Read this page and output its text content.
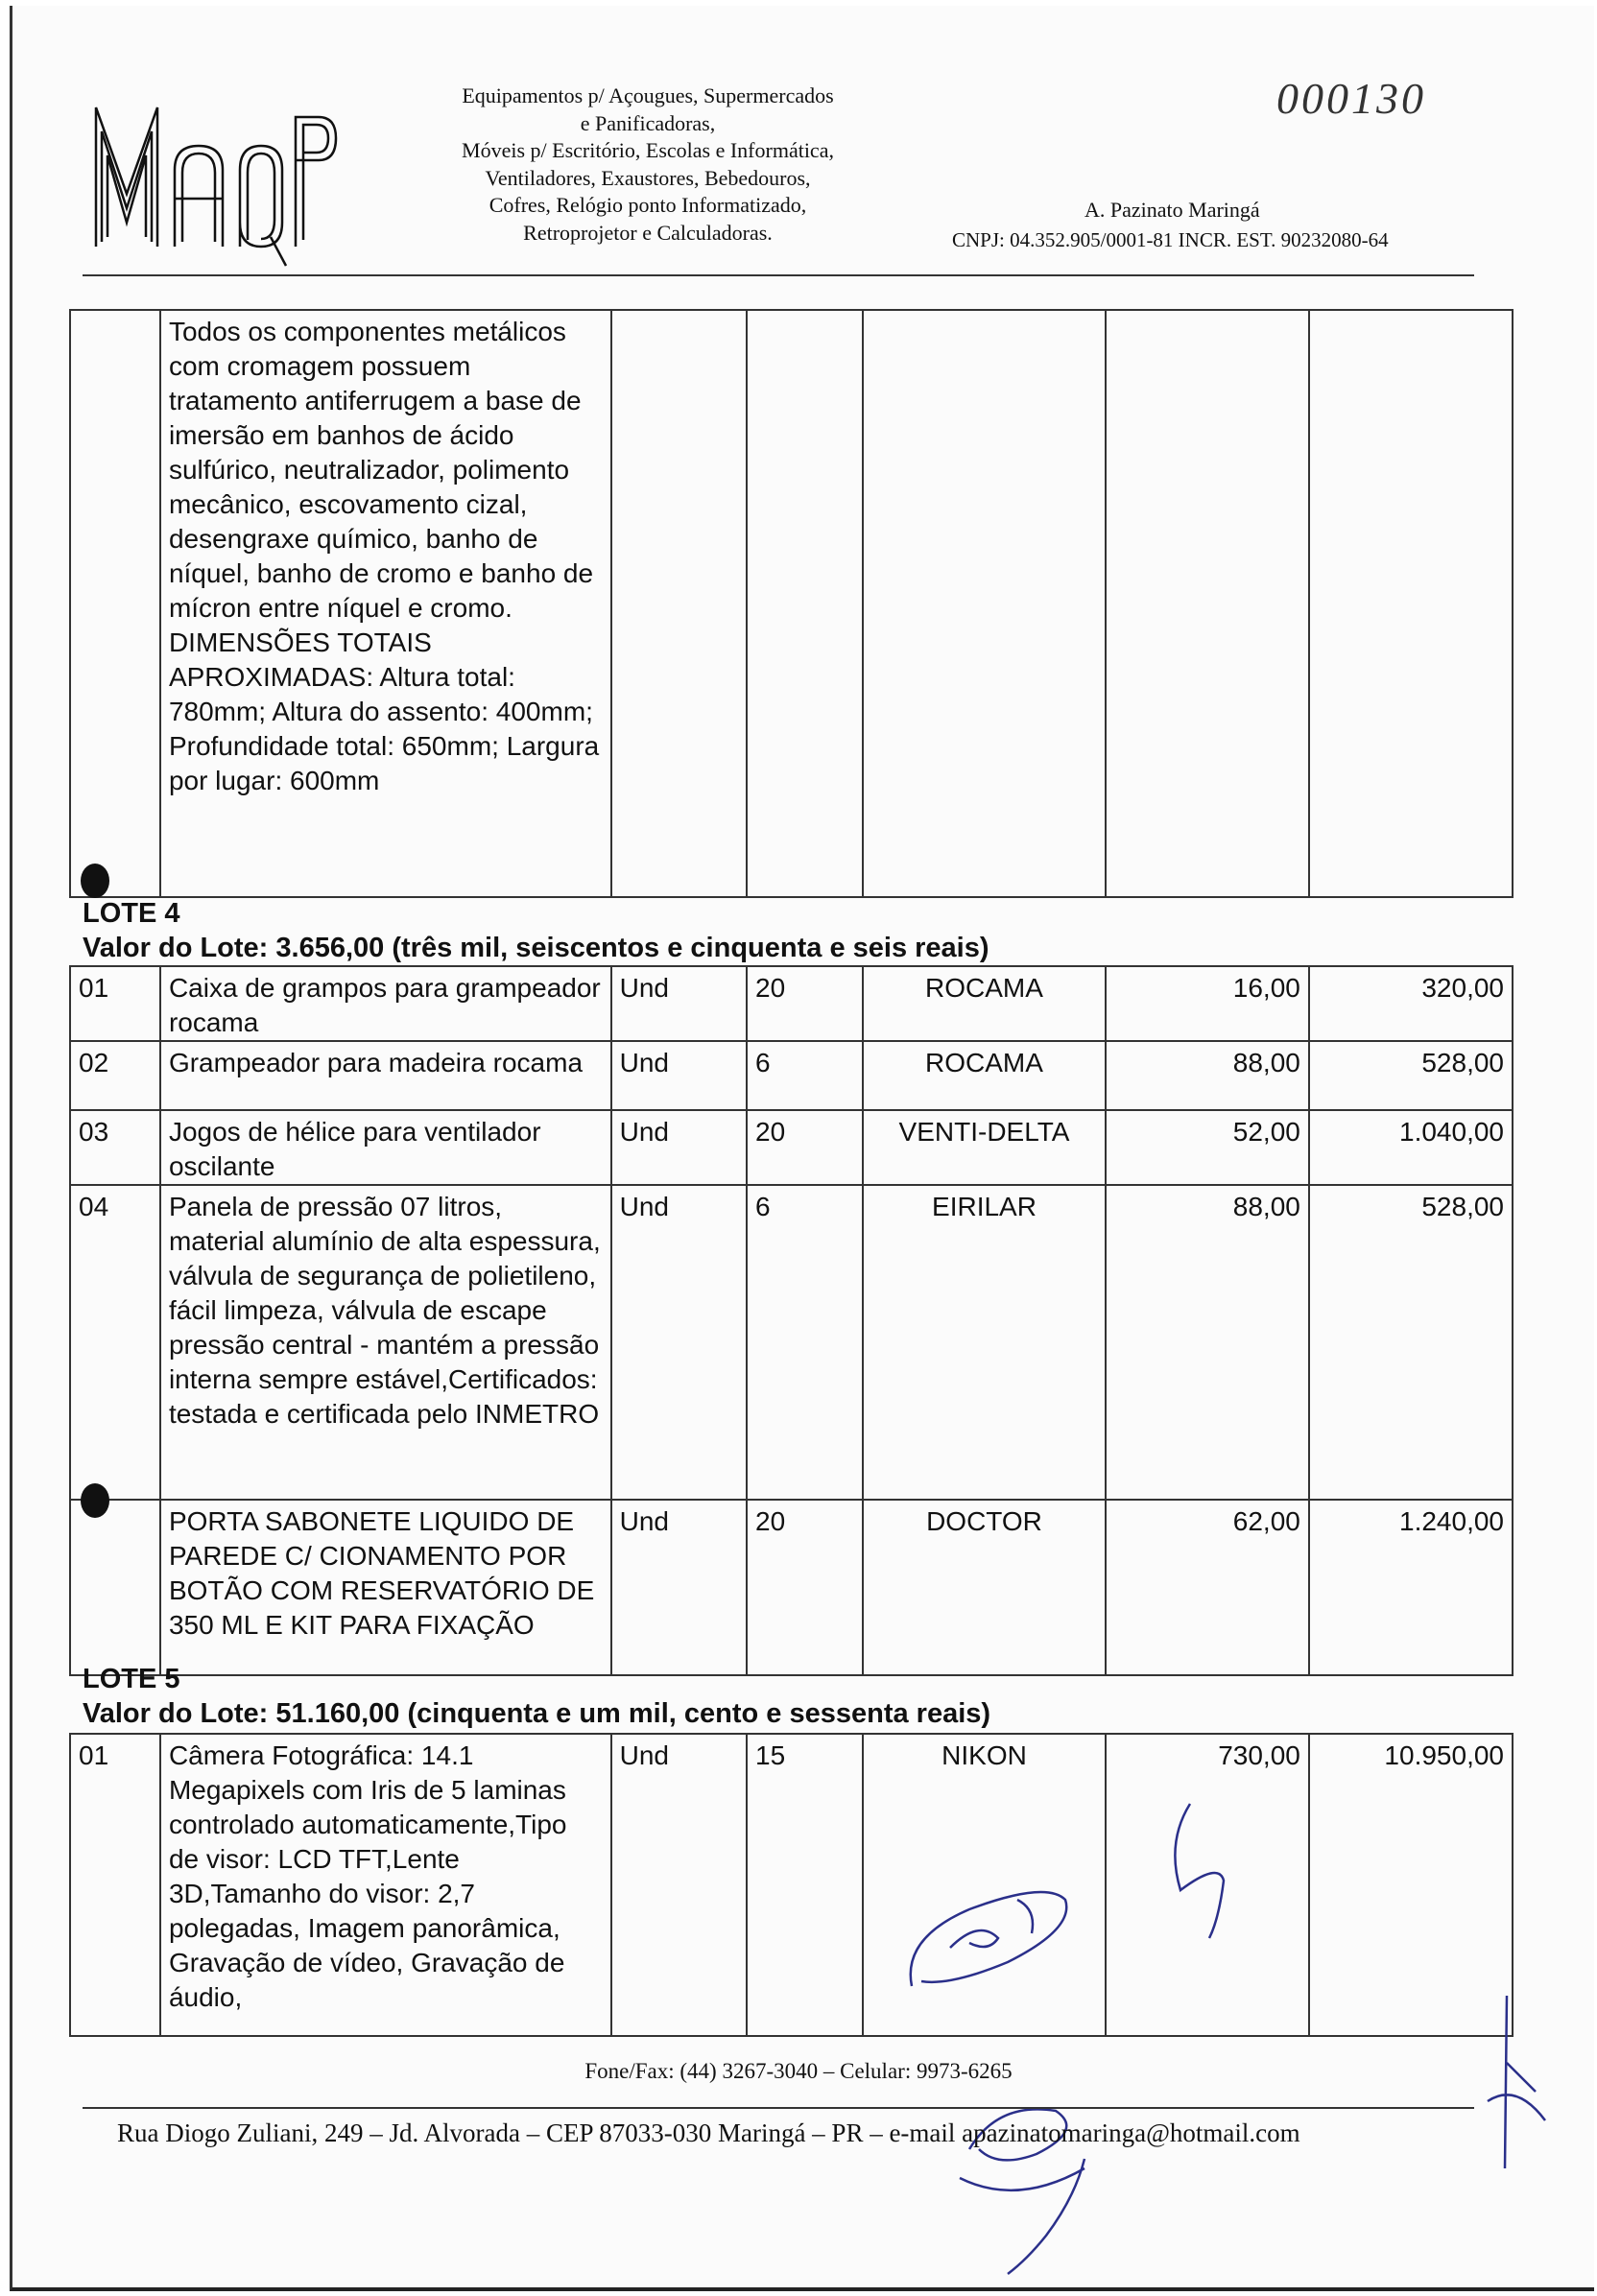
Equipamentos p/ Açougues, Supermercados
e Panificadoras,
Móveis p/ Escritório, Escolas e Informática,
Ventiladores, Exaustores, Bebedouros,
Cofres, Relógio ponto Informatizado,
Retroprojetor e Calculadoras.
000130
A. Pazinato Maringá
CNPJ: 04.352.905/0001-81 INCR. EST. 90232080-64
	Todos os componentes metálicos com cromagem possuem tratamento antiferrugem a base de imersão em banhos de ácido sulfúrico, neutralizador, polimento mecânico, escovamento cizal, desengraxe químico, banho de níquel, banho de cromo e banho de mícron entre níquel e cromo. DIMENSÕES TOTAIS APROXIMADAS: Altura total: 780mm; Altura do assento: 400mm; Profundidade total: 650mm; Largura por lugar: 600mm					
LOTE 4
Valor do Lote: 3.656,00 (três mil, seiscentos e cinquenta e seis reais)
01	Caixa de grampos para grampeador rocama	Und	20	ROCAMA	16,00	320,00
02	Grampeador para madeira rocama	Und	6	ROCAMA	88,00	528,00
03	Jogos de hélice para ventilador oscilante	Und	20	VENTI-DELTA	52,00	1.040,00
04	Panela de pressão 07 litros, material alumínio de alta espessura, válvula de segurança de polietileno, fácil limpeza, válvula de escape pressão central - mantém a pressão interna sempre estável,Certificados: testada e certificada pelo INMETRO	Und	6	EIRILAR	88,00	528,00
	PORTA SABONETE LIQUIDO DE PAREDE C/ CIONAMENTO POR BOTÃO COM RESERVATÓRIO DE 350 ML E KIT PARA FIXAÇÃO	Und	20	DOCTOR	62,00	1.240,00
LOTE 5
Valor do Lote: 51.160,00 (cinquenta e um mil, cento e sessenta reais)
01	Câmera Fotográfica: 14.1 Megapixels com Iris de 5 laminas controlado automaticamente,Tipo de visor: LCD TFT,Lente 3D,Tamanho do visor: 2,7 polegadas, Imagem panorâmica, Gravação de vídeo, Gravação de áudio,	Und	15	NIKON	730,00	10.950,00
Fone/Fax: (44) 3267-3040 – Celular: 9973-6265
Rua Diogo Zuliani, 249 – Jd. Alvorada – CEP 87033-030 Maringá – PR – e-mail apazinatomaringa@hotmail.com
